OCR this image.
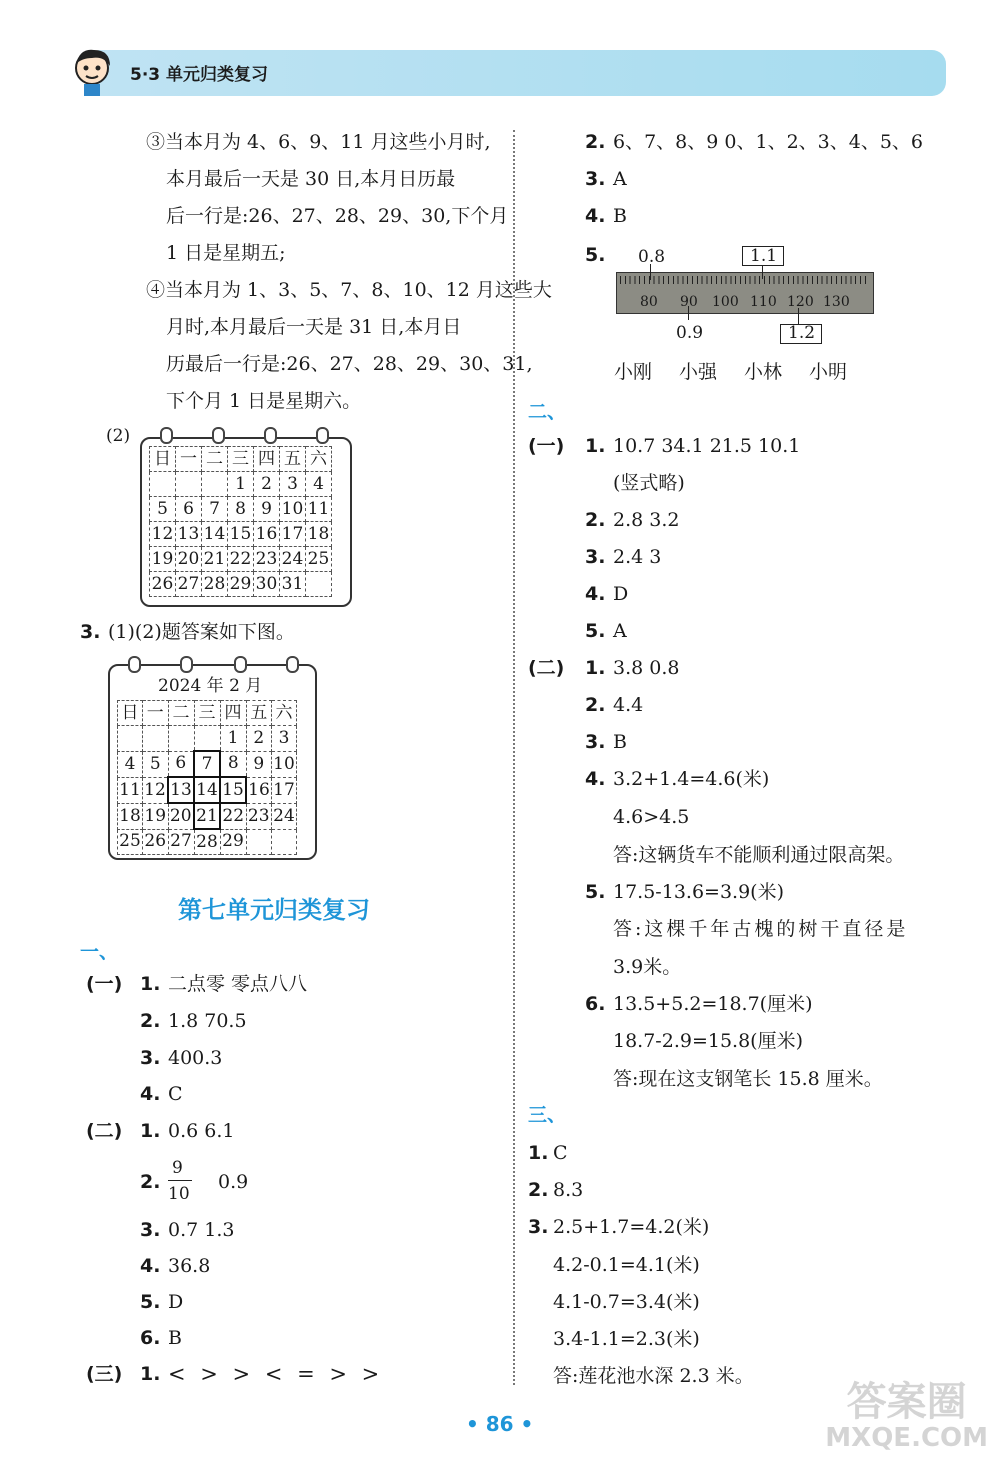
5·3 单元归类复习
③当本月为 4、6、9、11 月这些小月时,
本月最后一天是 30 日,本月日历最
后一行是:26、27、28、29、30,下个月
1 日是星期五;
④当本月为 1、3、5、7、8、10、12 月这些大
月时,本月最后一天是 31 日,本月日
历最后一行是:26、27、28、29、30、31,
下个月 1 日是星期六。
(2)
日	一	二	三	四	五	六
			1	2	3	4
5	6	7	8	9	10	11
12	13	14	15	16	17	18
19	20	21	22	23	24	25
26	27	28	29	30	31	
3. (1)(2)题答案如下图。
2024 年 2 月
日	一	二	三	四	五	六
				1	2	3
4	5	6	7	8	9	10
11	12	13	14	15	16	17
18	19	20	21	22	23	24
25	26	27	28	29		
第七单元归类复习
一、
(一) 1. 二点零 零点八八
2. 1.8 70.5
3. 400.3
4. C
(二) 1. 0.6 6.1
2.
9
10
0.9
3. 0.7 1.3
4. 36.8
5. D
6. B
(三) 1. < > > < = > >
2. 6、7、8、9 0、1、2、3、4、5、6
3. A
4. B
5.
80 90 100 110 120 130
0.8	1.1
0.9	1.2
小刚 小强 小林 小明
二、
(一) 1. 10.7 34.1 21.5 10.1
(竖式略)
2. 2.8 3.2
3. 2.4 3
4. D
5. A
(二) 1. 3.8 0.8
2. 4.4
3. B
4. 3.2+1.4=4.6(米)
4.6>4.5
答:这辆货车不能顺利通过限高架。
5. 17.5-13.6=3.9(米)
答:这棵千年古槐的树干直径是
3.9米。
6. 13.5+5.2=18.7(厘米)
18.7-2.9=15.8(厘米)
答:现在这支钢笔长 15.8 厘米。
三、
1. C
2. 8.3
3. 2.5+1.7=4.2(米)
4.2-0.1=4.1(米)
4.1-0.7=3.4(米)
3.4-1.1=2.3(米)
答:莲花池水深 2.3 米。
• 86 •	答案圈
MXQE.COM
